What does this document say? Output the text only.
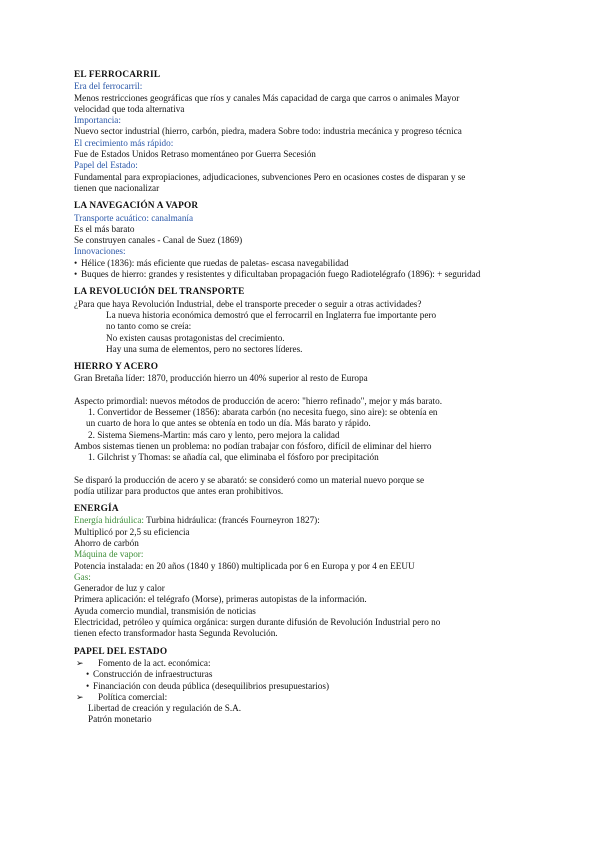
EL FERROCARRIL
Era del ferrocarril:
Menos restricciones geográficas que ríos y canales Más capacidad de carga que carros o animales Mayor
velocidad que toda alternativa
Importancia:
Nuevo sector industrial (hierro, carbón, piedra, madera Sobre todo: industria mecánica y progreso técnica
El crecimiento más rápido:
Fue de Estados Unidos Retraso momentáneo por Guerra Secesión
Papel del Estado:
Fundamental para expropiaciones, adjudicaciones, subvenciones Pero en ocasiones costes de disparan y se
tienen que nacionalizar
LA NAVEGACIÓN A VAPOR
Transporte acuático: canalmanía
Es el más barato
Se construyen canales - Canal de Suez (1869)
Innovaciones:
• Hélice (1836): más eficiente que ruedas de paletas- escasa navegabilidad
• Buques de hierro: grandes y resistentes y dificultaban propagación fuego Radiotelégrafo (1896): + seguridad
LA REVOLUCIÓN DEL TRANSPORTE
¿Para que haya Revolución Industrial, debe el transporte preceder o seguir a otras actividades?
La nueva historia económica demostró que el ferrocarril en Inglaterra fue importante pero
no tanto como se creía:
No existen causas protagonistas del crecimiento.
Hay una suma de elementos, pero no sectores líderes.
HIERRO Y ACERO
Gran Bretaña líder: 1870, producción hierro un 40% superior al resto de Europa
Aspecto primordial: nuevos métodos de producción de acero: "hierro refinado", mejor y más barato.
1. Convertidor de Bessemer (1856): abarata carbón (no necesita fuego, sino aire): se obtenía en
un cuarto de hora lo que antes se obtenía en todo un día. Más barato y rápido.
2. Sistema Siemens-Martin: más caro y lento, pero mejora la calidad
Ambos sistemas tienen un problema: no podían trabajar con fósforo, difícil de eliminar del hierro
1. Gilchrist y Thomas: se añadía cal, que eliminaba el fósforo por precipitación
Se disparó la producción de acero y se abarató: se consideró como un material nuevo porque se
podía utilizar para productos que antes eran prohibitivos.
ENERGÍA
Energía hidráulica: Turbina hidráulica: (francés Fourneyron 1827):
Multiplicó por 2,5 su eficiencia
Ahorro de carbón
Máquina de vapor:
Potencia instalada: en 20 años (1840 y 1860) multiplicada por 6 en Europa y por 4 en EEUU
Gas:
Generador de luz y calor
Primera aplicación: el telégrafo (Morse), primeras autopistas de la información.
Ayuda comercio mundial, transmisión de noticias
Electricidad, petróleo y química orgánica: surgen durante difusión de Revolución Industrial pero no
tienen efecto transformador hasta Segunda Revolución.
PAPEL DEL ESTADO
➢ Fomento de la act. económica:
• Construcción de infraestructuras
• Financiación con deuda pública (desequilibrios presupuestarios)
➢ Política comercial:
Libertad de creación y regulación de S.A.
Patrón monetario
